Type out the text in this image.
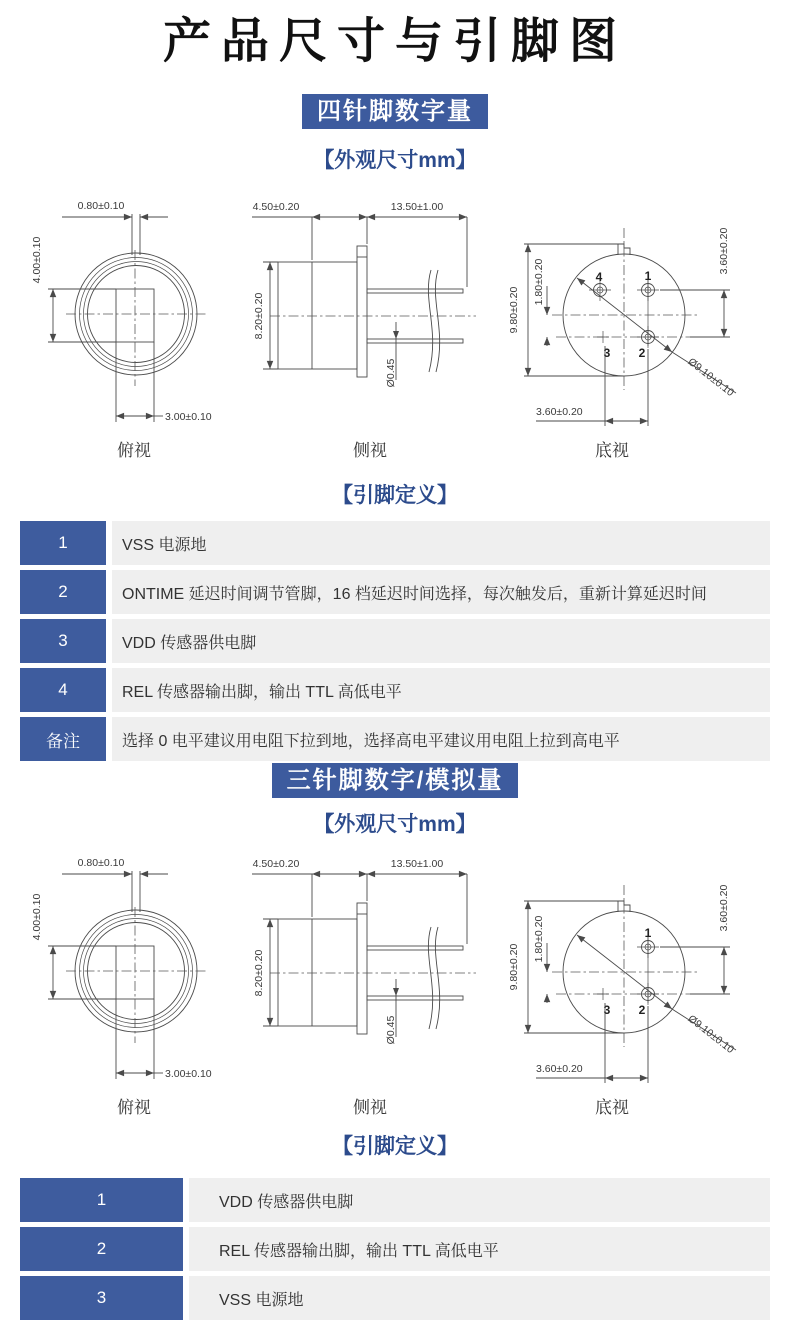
产品尺寸与引脚图
四针脚数字量
【外观尺寸mm】
0.80±0.10
4.00±0.10
3.00±0.10
俯视
4.50±0.20	13.50±1.00
8.20±0.20
Ø0.45
侧视
4	1
3 2
9.80±0.20
1.80±0.20
3.60±0.20
3.60±0.20
Ø9.10±0.10
底视
【引脚定义】
1	VSS 电源地
2	ONTIME 延迟时间调节管脚，16 档延迟时间选择，每次触发后，重新计算延迟时间
3	VDD 传感器供电脚
4	REL 传感器输出脚，输出 TTL 高低电平
备注	选择 0 电平建议用电阻下拉到地，选择高电平建议用电阻上拉到高电平
三针脚数字/模拟量
【外观尺寸mm】
0.80±0.10
4.00±0.10
3.00±0.10
俯视
4.50±0.20	13.50±1.00
8.20±0.20
Ø0.45
侧视
1
3 2
9.80±0.20
1.80±0.20
3.60±0.20
3.60±0.20
Ø9.10±0.10
底视
【引脚定义】
1	VDD 传感器供电脚
2	REL 传感器输出脚，输出 TTL 高低电平
3	VSS 电源地
